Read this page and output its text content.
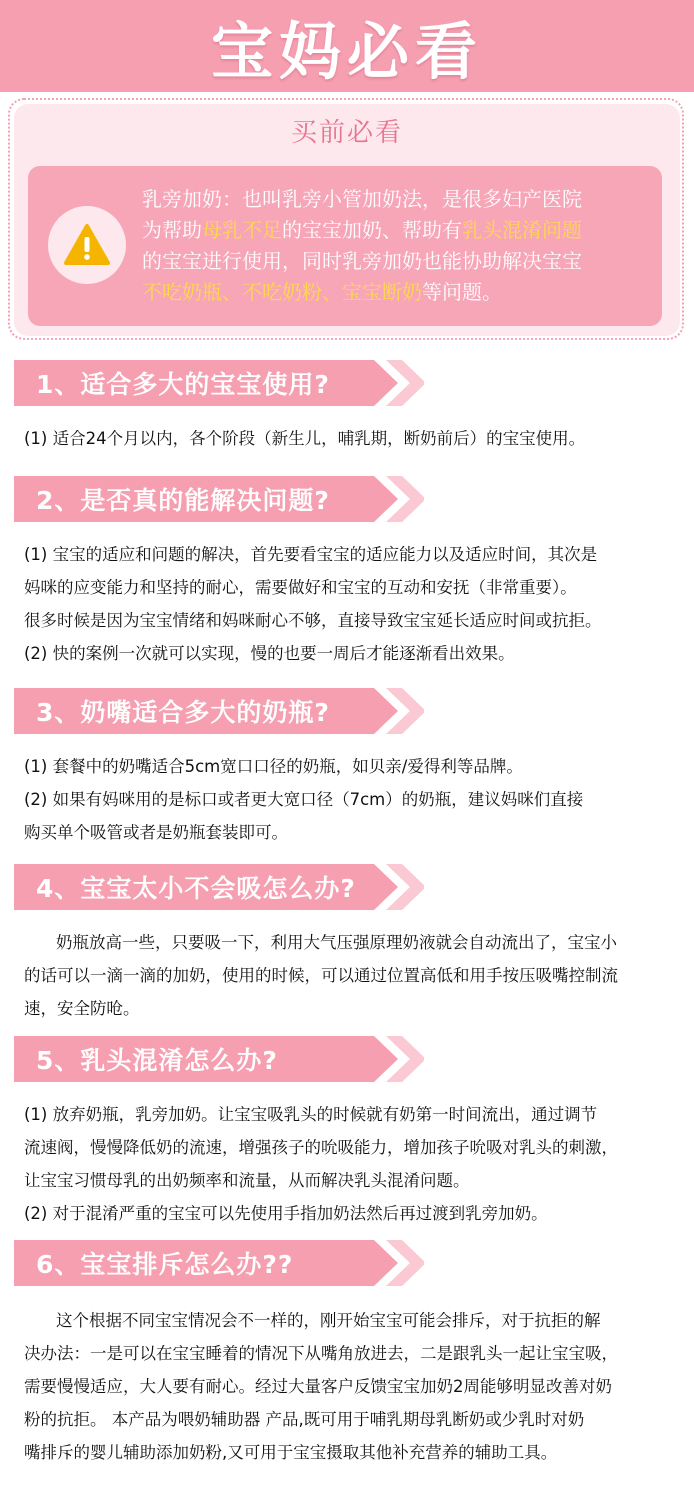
宝妈必看
买前必看
乳旁加奶：也叫乳旁小管加奶法，是很多妇产医院
为帮助母乳不足的宝宝加奶、帮助有乳头混淆问题
的宝宝进行使用，同时乳旁加奶也能协助解决宝宝
不吃奶瓶、不吃奶粉、宝宝断奶等问题。
1、适合多大的宝宝使用?

(1) 适合24个月以内，各个阶段（新生儿，哺乳期，断奶前后）的宝宝使用。

2、是否真的能解决问题?

(1) 宝宝的适应和问题的解决，首先要看宝宝的适应能力以及适应时间，其次是

妈咪的应变能力和坚持的耐心，需要做好和宝宝的互动和安抚（非常重要）。

很多时候是因为宝宝情绪和妈咪耐心不够，直接导致宝宝延长适应时间或抗拒。

(2) 快的案例一次就可以实现，慢的也要一周后才能逐渐看出效果。

3、奶嘴适合多大的奶瓶?

(1) 套餐中的奶嘴适合5cm宽口口径的奶瓶，如贝亲/爱得利等品牌。

(2) 如果有妈咪用的是标口或者更大宽口径（7cm）的奶瓶，建议妈咪们直接

购买单个吸管或者是奶瓶套装即可。

4、宝宝太小不会吸怎么办?

奶瓶放高一些，只要吸一下，利用大气压强原理奶液就会自动流出了，宝宝小

的话可以一滴一滴的加奶，使用的时候，可以通过位置高低和用手按压吸嘴控制流

速，安全防呛。

5、乳头混淆怎么办?

(1) 放弃奶瓶，乳旁加奶。让宝宝吸乳头的时候就有奶第一时间流出，通过调节

流速阀，慢慢降低奶的流速，增强孩子的吮吸能力，增加孩子吮吸对乳头的刺激，

让宝宝习惯母乳的出奶频率和流量，从而解决乳头混淆问题。

(2) 对于混淆严重的宝宝可以先使用手指加奶法然后再过渡到乳旁加奶。

6、宝宝排斥怎么办??

这个根据不同宝宝情况会不一样的，刚开始宝宝可能会排斥，对于抗拒的解

决办法：一是可以在宝宝睡着的情况下从嘴角放进去，二是跟乳头一起让宝宝吸，

需要慢慢适应，大人要有耐心。经过大量客户反馈宝宝加奶2周能够明显改善对奶

粉的抗拒。 本产品为喂奶辅助器 产品,既可用于哺乳期母乳断奶或少乳时对奶

嘴排斥的婴儿辅助添加奶粉,又可用于宝宝摄取其他补充营养的辅助工具。
